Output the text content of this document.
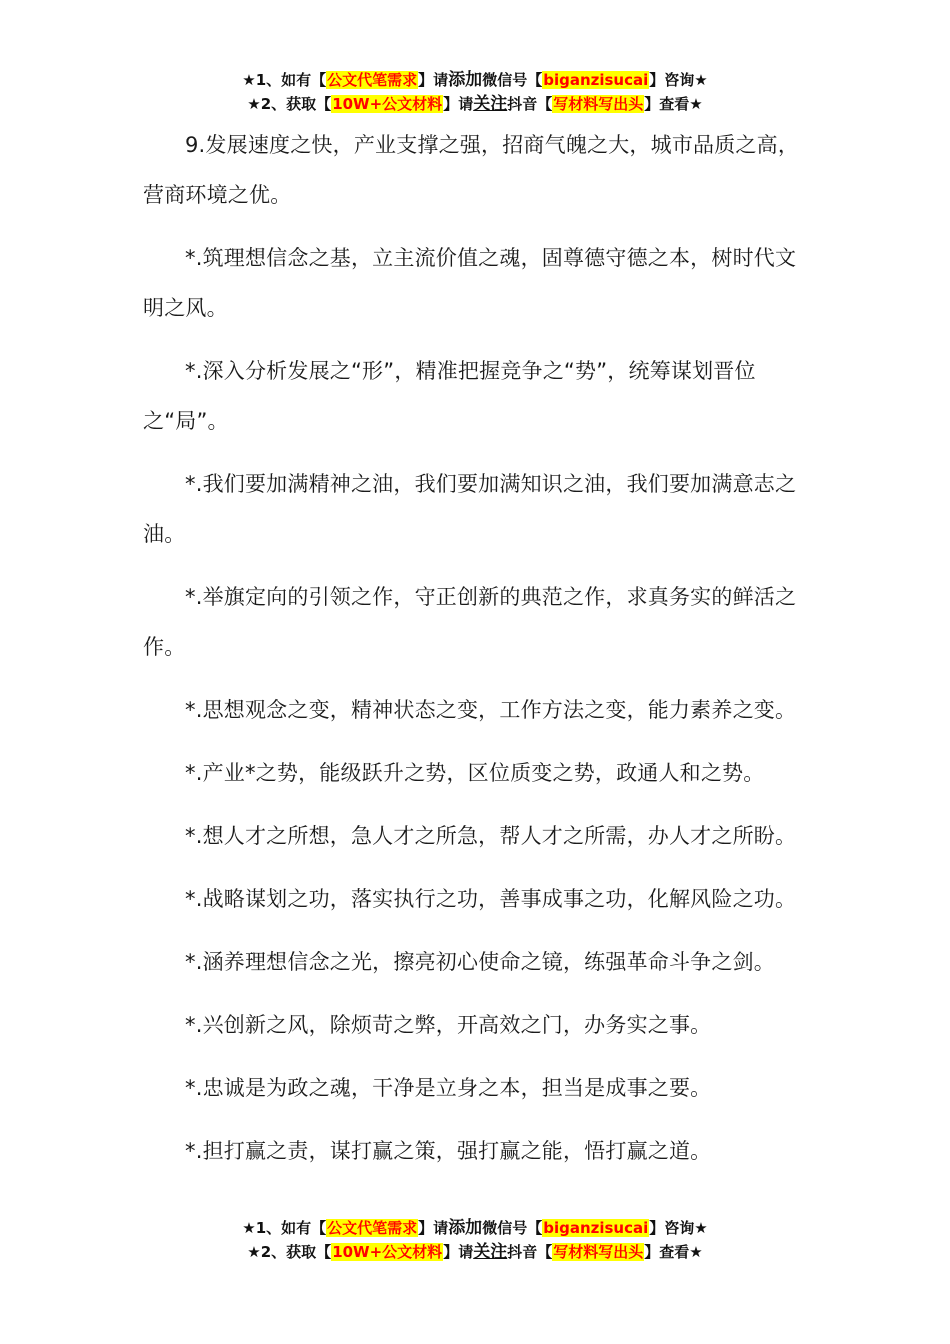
★1、如有【公文代笔需求】请添加微信号【biganzisucai】咨询★
★2、获取【10W+公文材料】请关注抖音【写材料写出头】查看★

9.发展速度之快，产业支撑之强，招商气魄之大，城市品质之高，营商环境之优。

*.筑理想信念之基，立主流价值之魂，固尊德守德之本，树时代文明之风。

*.深入分析发展之“形”，精准把握竞争之“势”，统筹谋划晋位之“局”。

*.我们要加满精神之油，我们要加满知识之油，我们要加满意志之油。

*.举旗定向的引领之作，守正创新的典范之作，求真务实的鲜活之作。

*.思想观念之变，精神状态之变，工作方法之变，能力素养之变。

*.产业*之势，能级跃升之势，区位质变之势，政通人和之势。

*.想人才之所想，急人才之所急，帮人才之所需，办人才之所盼。

*.战略谋划之功，落实执行之功，善事成事之功，化解风险之功。

*.涵养理想信念之光，擦亮初心使命之镜，练强革命斗争之剑。

*.兴创新之风，除烦苛之弊，开高效之门，办务实之事。

*.忠诚是为政之魂，干净是立身之本，担当是成事之要。

*.担打赢之责，谋打赢之策，强打赢之能，悟打赢之道。

★1、如有【公文代笔需求】请添加微信号【biganzisucai】咨询★
★2、获取【10W+公文材料】请关注抖音【写材料写出头】查看★
